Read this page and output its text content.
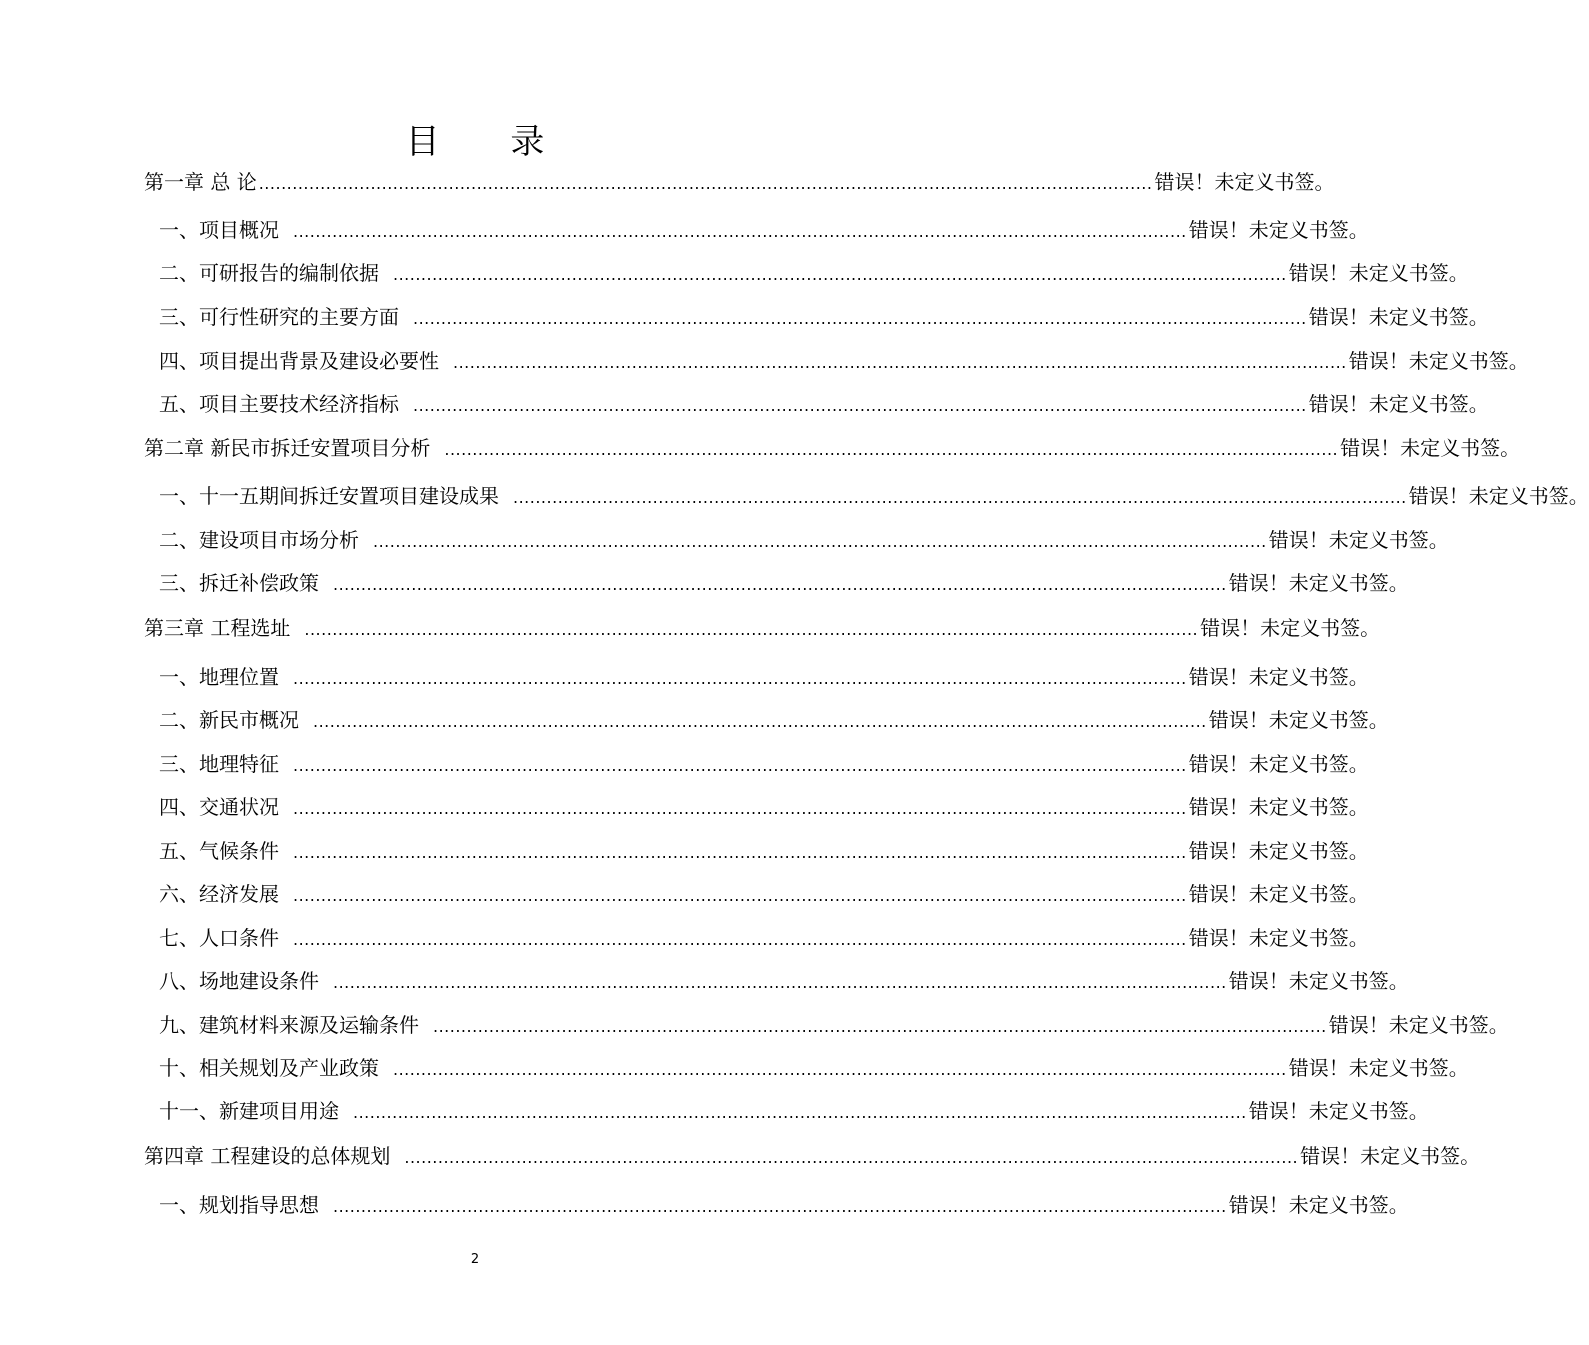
目 录
第一章 总 论 ................................................................................................................................................................ 错误！未定义书签。
一、项目概况 ................................................................................................................................................................ 错误！未定义书签。
二、可研报告的编制依据 ................................................................................................................................................................ 错误！未定义书签。
三、可行性研究的主要方面 ................................................................................................................................................................ 错误！未定义书签。
四、项目提出背景及建设必要性 ................................................................................................................................................................ 错误！未定义书签。
五、项目主要技术经济指标 ................................................................................................................................................................ 错误！未定义书签。
第二章 新民市拆迁安置项目分析 ................................................................................................................................................................ 错误！未定义书签。
一、十一五期间拆迁安置项目建设成果 ................................................................................................................................................................ 错误！未定义书签。
二、建设项目市场分析 ................................................................................................................................................................ 错误！未定义书签。
三、拆迁补偿政策 ................................................................................................................................................................ 错误！未定义书签。
第三章 工程选址 ................................................................................................................................................................ 错误！未定义书签。
一、地理位置 ................................................................................................................................................................ 错误！未定义书签。
二、新民市概况 ................................................................................................................................................................ 错误！未定义书签。
三、地理特征 ................................................................................................................................................................ 错误！未定义书签。
四、交通状况 ................................................................................................................................................................ 错误！未定义书签。
五、气候条件 ................................................................................................................................................................ 错误！未定义书签。
六、经济发展 ................................................................................................................................................................ 错误！未定义书签。
七、人口条件 ................................................................................................................................................................ 错误！未定义书签。
八、场地建设条件 ................................................................................................................................................................ 错误！未定义书签。
九、建筑材料来源及运输条件 ................................................................................................................................................................ 错误！未定义书签。
十、相关规划及产业政策 ................................................................................................................................................................ 错误！未定义书签。
十一、新建项目用途 ................................................................................................................................................................ 错误！未定义书签。
第四章 工程建设的总体规划 ................................................................................................................................................................ 错误！未定义书签。
一、规划指导思想 ................................................................................................................................................................ 错误！未定义书签。
2
